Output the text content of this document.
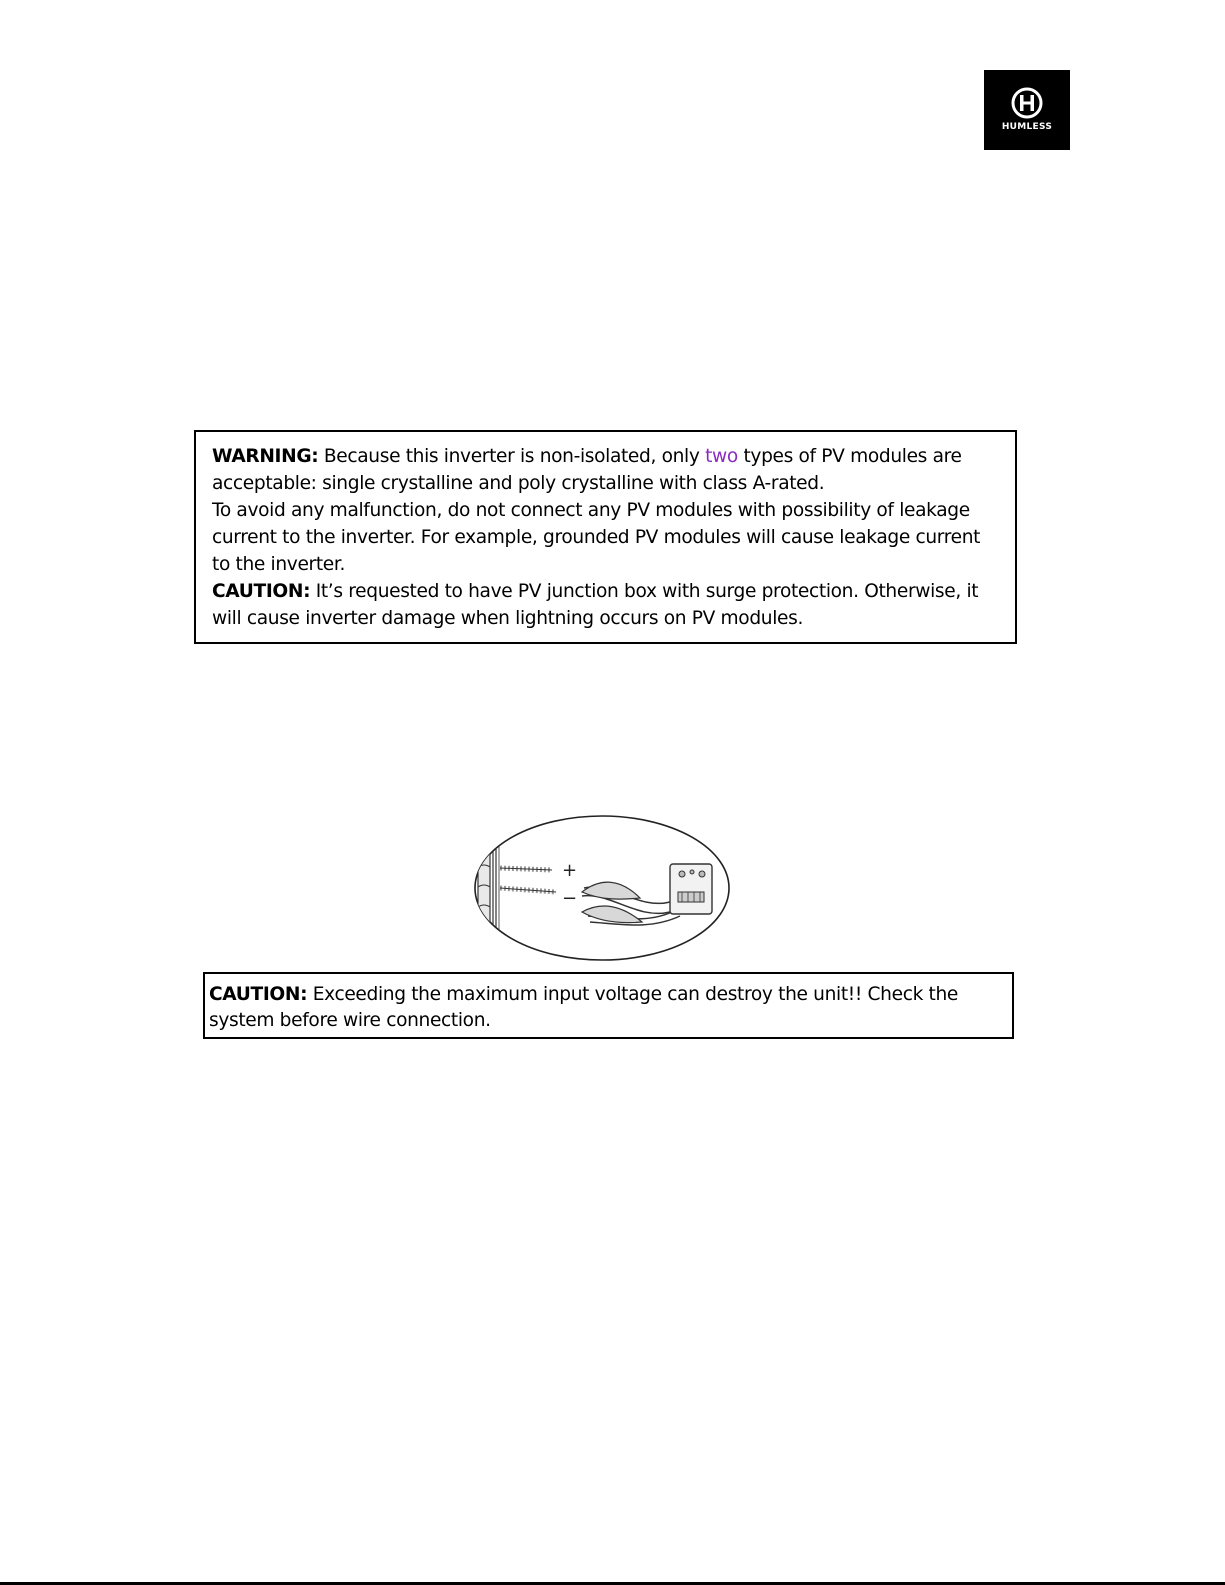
HUMLESS

WARNING: Because this inverter is non-isolated, only two types of PV modules are acceptable: single crystalline and poly crystalline with class A-rated.

To avoid any malfunction, do not connect any PV modules with possibility of leakage current to the inverter. For example, grounded PV modules will cause leakage current to the inverter.

CAUTION: It’s requested to have PV junction box with surge protection. Otherwise, it will cause inverter damage when lightning occurs on PV modules.

+
−

CAUTION: Exceeding the maximum input voltage can destroy the unit!! Check the system before wire connection.
